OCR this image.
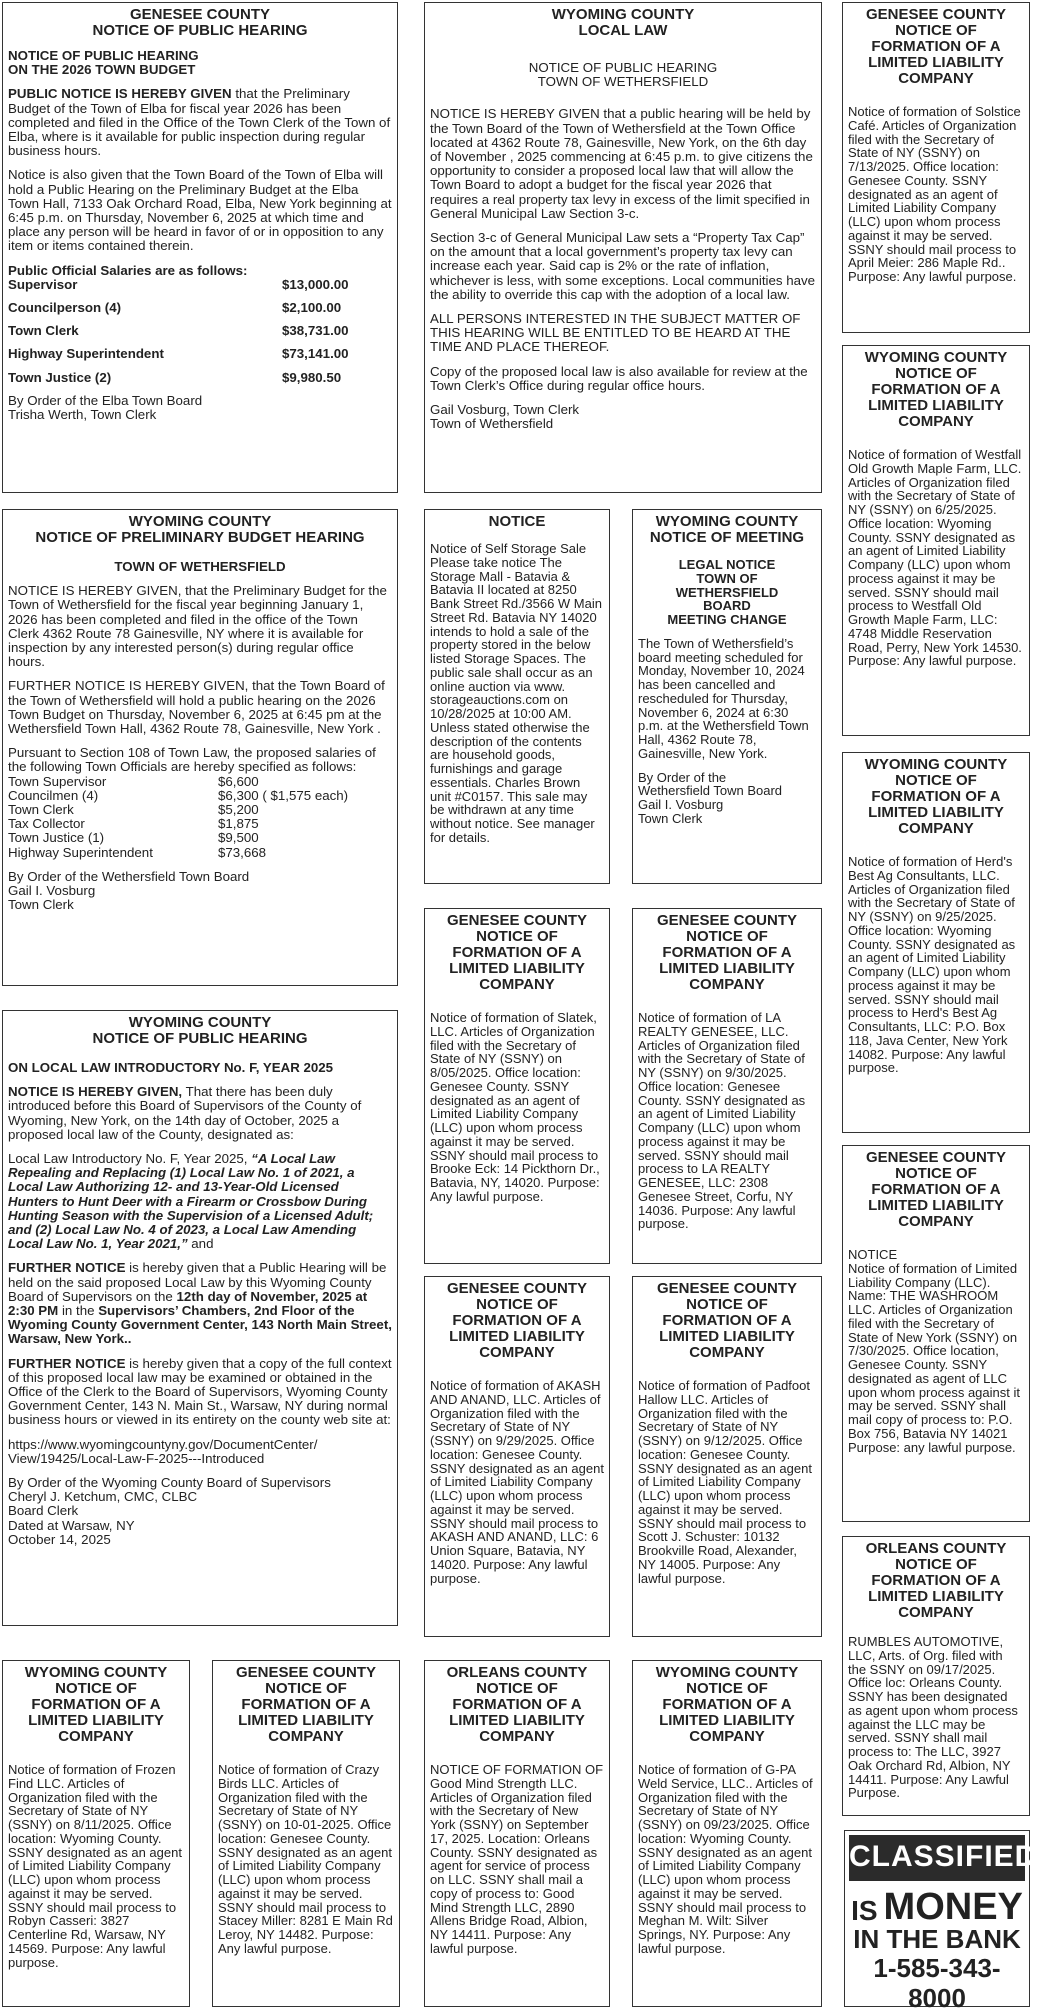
GENESEE COUNTY
NOTICE OF PUBLIC HEARING
NOTICE OF PUBLIC HEARING
ON THE 2026 TOWN BUDGET
PUBLIC NOTICE IS HEREBY GIVEN that the Preliminary Budget of the Town of Elba for fiscal year 2026 has been completed and filed in the Office of the Town Clerk of the Town of Elba, where is it available for public inspection during regular business hours.
Notice is also given that the Town Board of the Town of Elba will hold a Public Hearing on the Preliminary Budget at the Elba Town Hall, 7133 Oak Orchard Road, Elba, New York beginning at 6:45 p.m. on Thursday, November 6, 2025 at which time and place any person will be heard in favor of or in opposition to any item or items contained therein.
Public Official Salaries are as follows:
Supervisor	$13,000.00
Councilperson (4)	$2,100.00
Town Clerk	$38,731.00
Highway Superintendent	$73,141.00
Town Justice (2)	$9,980.50
By Order of the Elba Town Board
Trisha Werth, Town Clerk
WYOMING COUNTY
LOCAL LAW
NOTICE OF PUBLIC HEARING
TOWN OF WETHERSFIELD
NOTICE IS HEREBY GIVEN that a public hearing will be held by the Town Board of the Town of Wethersfield at the Town Office located at 4362 Route 78, Gainesville, New York, on the 6th day of November , 2025 commencing at 6:45 p.m. to give citizens the opportunity to consider a proposed local law that will allow the Town Board to adopt a budget for the fiscal year 2026 that requires a real property tax levy in excess of the limit specified in General Municipal Law Section 3-c.
Section 3-c of General Municipal Law sets a “Property Tax Cap” on the amount that a local government’s property tax levy can increase each year. Said cap is 2% or the rate of inflation, whichever is less, with some exceptions. Local communities have the ability to override this cap with the adoption of a local law.
ALL PERSONS INTERESTED IN THE SUBJECT MATTER OF THIS HEARING WILL BE ENTITLED TO BE HEARD AT THE TIME AND PLACE THEREOF.
Copy of the proposed local law is also available for review at the Town Clerk’s Office during regular office hours.
Gail Vosburg, Town Clerk
Town of Wethersfield
GENESEE COUNTY
NOTICE OF
FORMATION OF A
LIMITED LIABILITY
COMPANY
Notice of formation of Solstice Café. Articles of Organization filed with the Secretary of State of NY (SSNY) on 7/13/2025. Office location: Genesee County. SSNY designated as an agent of Limited Liability Company (LLC) upon whom process against it may be served. SSNY should mail process to April Meier: 286 Maple Rd.. Purpose: Any lawful purpose.
WYOMING COUNTY
NOTICE OF
FORMATION OF A
LIMITED LIABILITY
COMPANY
Notice of formation of Westfall Old Growth Maple Farm, LLC. Articles of Organization filed with the Secretary of State of NY (SSNY) on 6/25/2025. Office location: Wyoming County. SSNY designated as an agent of Limited Liability Company (LLC) upon whom process against it may be served. SSNY should mail process to Westfall Old Growth Maple Farm, LLC: 4748 Middle Reservation Road, Perry, New York 14530. Purpose: Any lawful purpose.
WYOMING COUNTY
NOTICE OF PRELIMINARY BUDGET HEARING
TOWN OF WETHERSFIELD
NOTICE IS HEREBY GIVEN, that the Preliminary Budget for the Town of Wethersfield for the fiscal year beginning January 1, 2026 has been completed and filed in the office of the Town Clerk 4362 Route 78 Gainesville, NY where it is available for inspection by any interested person(s) during regular office hours.
FURTHER NOTICE IS HEREBY GIVEN, that the Town Board of the Town of Wethersfield will hold a public hearing on the 2026 Town Budget on Thursday, November 6, 2025 at 6:45 pm at the Wethersfield Town Hall, 4362 Route 78, Gainesville, New York .
Pursuant to Section 108 of Town Law, the proposed salaries of the following Town Officials are hereby specified as follows:
Town Supervisor	$6,600
Councilmen (4)	$6,300 ( $1,575 each)
Town Clerk	$5,200
Tax Collector	$1,875
Town Justice (1)	$9,500
Highway Superintendent	$73,668
By Order of the Wethersfield Town Board
Gail I. Vosburg
Town Clerk
NOTICE
Notice of Self Storage Sale Please take notice The Storage Mall - Batavia & Batavia II located at 8250 Bank Street Rd./3566 W Main Street Rd. Batavia NY 14020 intends to hold a sale of the property stored in the below listed Storage Spaces. The public sale shall occur as an online auction via www. storageauctions.com on 10/28/2025 at 10:00 AM. Unless stated otherwise the description of the contents are household goods, furnishings and garage essentials. Charles Brown unit #C0157. This sale may be withdrawn at any time without notice. See manager for details.
WYOMING COUNTY
NOTICE OF MEETING
LEGAL NOTICE
TOWN OF
WETHERSFIELD
BOARD
MEETING CHANGE
The Town of Wethersfield’s board meeting scheduled for Monday, November 10, 2024 has been cancelled and rescheduled for Thursday, November 6, 2024 at 6:30 p.m. at the Wethersfield Town Hall, 4362 Route 78, Gainesville, New York.
By Order of the
Wethersfield Town Board
Gail I. Vosburg
Town Clerk
WYOMING COUNTY
NOTICE OF
FORMATION OF A
LIMITED LIABILITY
COMPANY
Notice of formation of Herd's Best Ag Consultants, LLC. Articles of Organization filed with the Secretary of State of NY (SSNY) on 9/25/2025. Office location: Wyoming County. SSNY designated as an agent of Limited Liability Company (LLC) upon whom process against it may be served. SSNY should mail process to Herd's Best Ag Consultants, LLC: P.O. Box 118, Java Center, New York 14082. Purpose: Any lawful purpose.
WYOMING COUNTY
NOTICE OF PUBLIC HEARING
ON LOCAL LAW INTRODUCTORY No. F, YEAR 2025
NOTICE IS HEREBY GIVEN, That there has been duly introduced before this Board of Supervisors of the County of Wyoming, New York, on the 14th day of October, 2025 a proposed local law of the County, designated as:
Local Law Introductory No. F, Year 2025, “A Local Law Repealing and Replacing (1) Local Law No. 1 of 2021, a Local Law Authorizing 12- and 13-Year-Old Licensed Hunters to Hunt Deer with a Firearm or Crossbow During Hunting Season with the Supervision of a Licensed Adult; and (2) Local Law No. 4 of 2023, a Local Law Amending Local Law No. 1, Year 2021,” and
FURTHER NOTICE is hereby given that a Public Hearing will be held on the said proposed Local Law by this Wyoming County Board of Supervisors on the 12th day of November, 2025 at 2:30 PM in the Supervisors’ Chambers, 2nd Floor of the Wyoming County Government Center, 143 North Main Street, Warsaw, New York..
FURTHER NOTICE is hereby given that a copy of the full context of this proposed local law may be examined or obtained in the Office of the Clerk to the Board of Supervisors, Wyoming County Government Center, 143 N. Main St., Warsaw, NY during normal business hours or viewed in its entirety on the county web site at:
https://www.wyomingcountyny.gov/DocumentCenter/
View/19425/Local-Law-F-2025---Introduced
By Order of the Wyoming County Board of Supervisors
Cheryl J. Ketchum, CMC, CLBC
Board Clerk
Dated at Warsaw, NY
October 14, 2025
GENESEE COUNTY
NOTICE OF
FORMATION OF A
LIMITED LIABILITY
COMPANY
Notice of formation of Slatek, LLC. Articles of Organization filed with the Secretary of State of NY (SSNY) on 8/05/2025. Office location: Genesee County. SSNY designated as an agent of Limited Liability Company (LLC) upon whom process against it may be served. SSNY should mail process to Brooke Eck: 14 Pickthorn Dr., Batavia, NY, 14020. Purpose: Any lawful purpose.
GENESEE COUNTY
NOTICE OF
FORMATION OF A
LIMITED LIABILITY
COMPANY
Notice of formation of LA REALTY GENESEE, LLC. Articles of Organization filed with the Secretary of State of NY (SSNY) on 9/30/2025. Office location: Genesee County. SSNY designated as an agent of Limited Liability Company (LLC) upon whom process against it may be served. SSNY should mail process to LA REALTY GENESEE, LLC: 2308 Genesee Street, Corfu, NY 14036. Purpose: Any lawful purpose.
GENESEE COUNTY
NOTICE OF
FORMATION OF A
LIMITED LIABILITY
COMPANY
NOTICE
Notice of formation of Limited Liability Company (LLC). Name: THE WASHROOM LLC. Articles of Organization filed with the Secretary of State of New York (SSNY) on 7/30/2025. Office location, Genesee County. SSNY designated as agent of LLC upon whom process against it may be served. SSNY shall mail copy of process to: P.O. Box 756, Batavia NY 14021
Purpose: any lawful purpose.
GENESEE COUNTY
NOTICE OF
FORMATION OF A
LIMITED LIABILITY
COMPANY
Notice of formation of AKASH AND ANAND, LLC. Articles of Organization filed with the Secretary of State of NY (SSNY) on 9/29/2025. Office location: Genesee County. SSNY designated as an agent of Limited Liability Company (LLC) upon whom process against it may be served. SSNY should mail process to AKASH AND ANAND, LLC: 6 Union Square, Batavia, NY 14020. Purpose: Any lawful purpose.
GENESEE COUNTY
NOTICE OF
FORMATION OF A
LIMITED LIABILITY
COMPANY
Notice of formation of Padfoot Hallow LLC. Articles of Organization filed with the Secretary of State of NY (SSNY) on 9/12/2025. Office location: Genesee County. SSNY designated as an agent of Limited Liability Company (LLC) upon whom process against it may be served. SSNY should mail process to Scott J. Schuster: 10132 Brookville Road, Alexander, NY 14005. Purpose: Any lawful purpose.
ORLEANS COUNTY
NOTICE OF
FORMATION OF A
LIMITED LIABILITY
COMPANY
RUMBLES AUTOMOTIVE, LLC, Arts. of Org. filed with the SSNY on 09/17/2025. Office loc: Orleans County. SSNY has been designated as agent upon whom process against the LLC may be served. SSNY shall mail process to: The LLC, 3927 Oak Orchard Rd, Albion, NY 14411. Purpose: Any Lawful Purpose.
WYOMING COUNTY
NOTICE OF
FORMATION OF A
LIMITED LIABILITY
COMPANY
Notice of formation of Frozen Find LLC. Articles of Organization filed with the Secretary of State of NY (SSNY) on 8/11/2025. Office location: Wyoming County. SSNY designated as an agent of Limited Liability Company (LLC) upon whom process against it may be served. SSNY should mail process to Robyn Casseri: 3827 Centerline Rd, Warsaw, NY 14569. Purpose: Any lawful purpose.
GENESEE COUNTY
NOTICE OF
FORMATION OF A
LIMITED LIABILITY
COMPANY
Notice of formation of Crazy Birds LLC. Articles of Organization filed with the Secretary of State of NY (SSNY) on 10-01-2025. Office location: Genesee County. SSNY designated as an agent of Limited Liability Company (LLC) upon whom process against it may be served. SSNY should mail process to Stacey Miller: 8281 E Main Rd Leroy, NY 14482. Purpose: Any lawful purpose.
ORLEANS COUNTY
NOTICE OF
FORMATION OF A
LIMITED LIABILITY
COMPANY
NOTICE OF FORMATION OF Good Mind Strength LLC. Articles of Organization filed with the Secretary of New York (SSNY) on September 17, 2025. Location: Orleans County. SSNY designated as agent for service of process on LLC. SSNY shall mail a copy of process to: Good Mind Strength LLC, 2890 Allens Bridge Road, Albion, NY 14411. Purpose: Any lawful purpose.
WYOMING COUNTY
NOTICE OF
FORMATION OF A
LIMITED LIABILITY
COMPANY
Notice of formation of G-PA Weld Service, LLC.. Articles of Organization filed with the Secretary of State of NY (SSNY) on 09/23/2025. Office location: Wyoming County. SSNY designated as an agent of Limited Liability Company (LLC) upon whom process against it may be served. SSNY should mail process to Meghan M. Wilt: Silver Springs, NY. Purpose: Any lawful purpose.
CLASSIFIEDS
IS MONEY
IN THE BANK
1-585-343-8000
